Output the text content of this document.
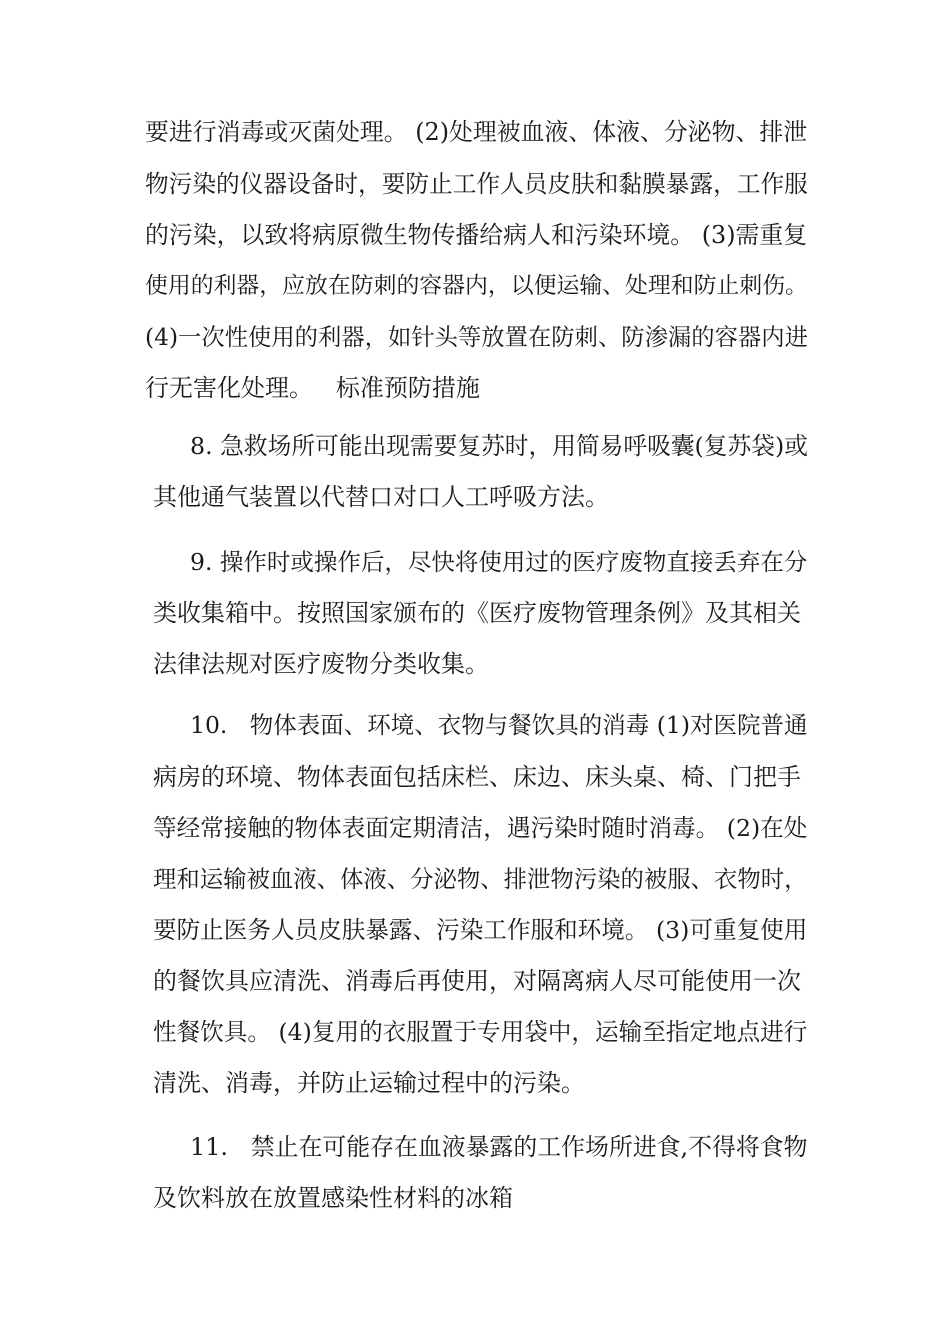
要进行消毒或灭菌处理。 (2)处理被血液、体液、分泌物、排泄
物污染的仪器设备时，要防止工作人员皮肤和黏膜暴露，工作服
的污染，以致将病原微生物传播给病人和污染环境。 (3)需重复
使用的利器，应放在防刺的容器内，以便运输、处理和防止刺伤。
(4)一次性使用的利器，如针头等放置在防刺、防渗漏的容器内进
行无害化处理。   标准预防措施
8. 急救场所可能出现需要复苏时，用简易呼吸囊(复苏袋)或
其他通气装置以代替口对口人工呼吸方法。
9. 操作时或操作后，尽快将使用过的医疗废物直接丢弃在分
类收集箱中。按照国家颁布的《医疗废物管理条例》及其相关
法律法规对医疗废物分类收集。
10.   物体表面、环境、衣物与餐饮具的消毒 (1)对医院普通
病房的环境、物体表面包括床栏、床边、床头桌、椅、门把手
等经常接触的物体表面定期清洁，遇污染时随时消毒。 (2)在处
理和运输被血液、体液、分泌物、排泄物污染的被服、衣物时，
要防止医务人员皮肤暴露、污染工作服和环境。 (3)可重复使用
的餐饮具应清洗、消毒后再使用，对隔离病人尽可能使用一次
性餐饮具。 (4)复用的衣服置于专用袋中，运输至指定地点进行
清洗、消毒，并防止运输过程中的污染。
11.   禁止在可能存在血液暴露的工作场所进食,不得将食物
及饮料放在放置感染性材料的冰箱
